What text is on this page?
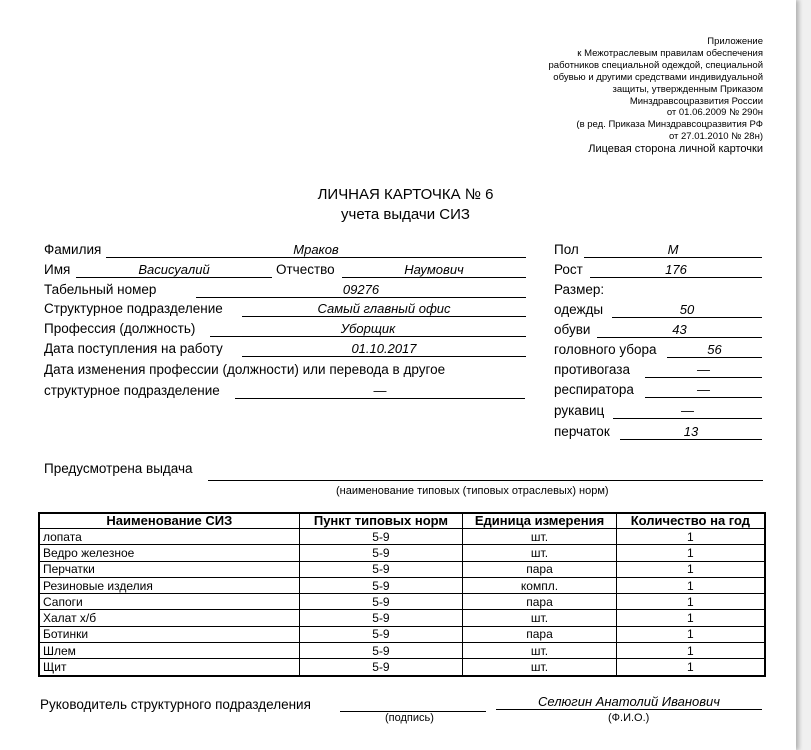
Приложение
к Межотраслевым правилам обеспечения
работников специальной одеждой, специальной
обувью и другими средствами индивидуальной
защиты, утвержденным Приказом
Минздравсоцразвития России
от 01.06.2009 № 290н
(в ред. Приказа Минздравсоцразвития РФ
от 27.01.2010 № 28н)
Лицевая сторона личной карточки
ЛИЧНАЯ КАРТОЧКА № 6
учета выдачи СИЗ
Фамилия	Мраков
Имя	Васисуалий	Отчество	Наумович
Табельный номер	09276
Структурное подразделение	Самый главный офис
Профессия (должность)	Уборщик
Дата поступления на работу	01.10.2017
Дата изменения профессии (должности) или перевода в другое
структурное подразделение	—
Пол	М
Рост	176
Размер:
одежды	50
обуви	43
головного убора	56
противогаза	—
респиратора	—
рукавиц	—
перчаток	13
Предусмотрена выдача
(наименование типовых (типовых отраслевых) норм)
Наименование СИЗ	Пункт типовых норм	Единица измерения	Количество на год
лопата	5-9	шт.	1
Ведро железное	5-9	шт.	1
Перчатки	5-9	пара	1
Резиновые изделия	5-9	компл.	1
Сапоги	5-9	пара	1
Халат х/б	5-9	шт.	1
Ботинки	5-9	пара	1
Шлем	5-9	шт.	1
Щит	5-9	шт.	1
Руководитель структурного подразделения
(подпись)
Селюгин Анатолий Иванович
(Ф.И.О.)
